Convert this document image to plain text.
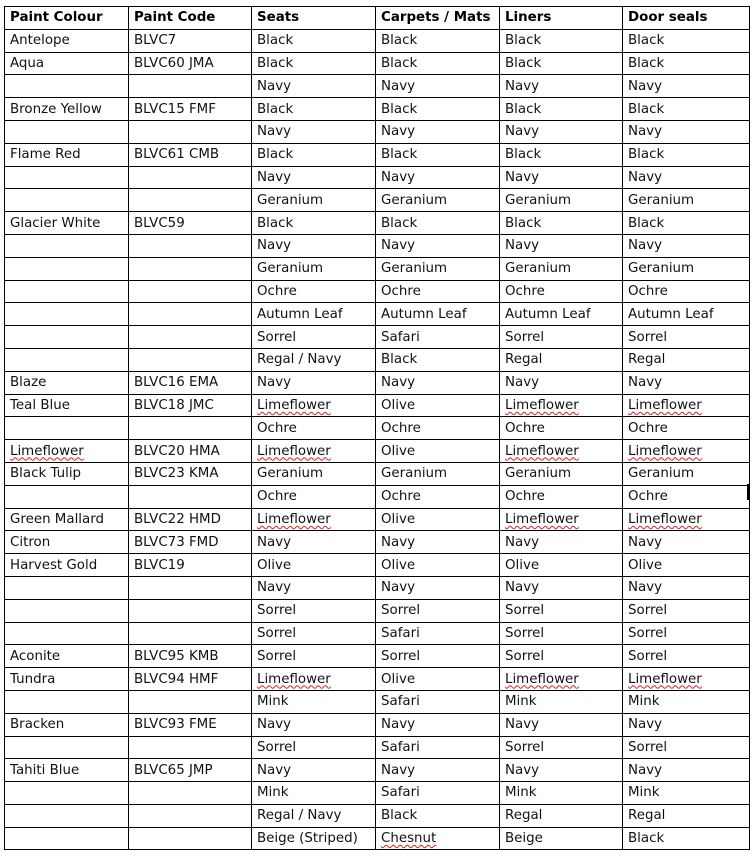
Paint Colour	Paint Code	Seats	Carpets / Mats	Liners	Door seals
Antelope	BLVC7	Black	Black	Black	Black
Aqua	BLVC60 JMA	Black	Black	Black	Black
		Navy	Navy	Navy	Navy
Bronze Yellow	BLVC15 FMF	Black	Black	Black	Black
		Navy	Navy	Navy	Navy
Flame Red	BLVC61 CMB	Black	Black	Black	Black
		Navy	Navy	Navy	Navy
		Geranium	Geranium	Geranium	Geranium
Glacier White	BLVC59	Black	Black	Black	Black
		Navy	Navy	Navy	Navy
		Geranium	Geranium	Geranium	Geranium
		Ochre	Ochre	Ochre	Ochre
		Autumn Leaf	Autumn Leaf	Autumn Leaf	Autumn Leaf
		Sorrel	Safari	Sorrel	Sorrel
		Regal / Navy	Black	Regal	Regal
Blaze	BLVC16 EMA	Navy	Navy	Navy	Navy
Teal Blue	BLVC18 JMC	Limeflower	Olive	Limeflower	Limeflower
		Ochre	Ochre	Ochre	Ochre
Limeflower	BLVC20 HMA	Limeflower	Olive	Limeflower	Limeflower
Black Tulip	BLVC23 KMA	Geranium	Geranium	Geranium	Geranium
		Ochre	Ochre	Ochre	Ochre
Green Mallard	BLVC22 HMD	Limeflower	Olive	Limeflower	Limeflower
Citron	BLVC73 FMD	Navy	Navy	Navy	Navy
Harvest Gold	BLVC19	Olive	Olive	Olive	Olive
		Navy	Navy	Navy	Navy
		Sorrel	Sorrel	Sorrel	Sorrel
		Sorrel	Safari	Sorrel	Sorrel
Aconite	BLVC95 KMB	Sorrel	Sorrel	Sorrel	Sorrel
Tundra	BLVC94 HMF	Limeflower	Olive	Limeflower	Limeflower
		Mink	Safari	Mink	Mink
Bracken	BLVC93 FME	Navy	Navy	Navy	Navy
		Sorrel	Safari	Sorrel	Sorrel
Tahiti Blue	BLVC65 JMP	Navy	Navy	Navy	Navy
		Mink	Safari	Mink	Mink
		Regal / Navy	Black	Regal	Regal
		Beige (Striped)	Chesnut	Beige	Black
